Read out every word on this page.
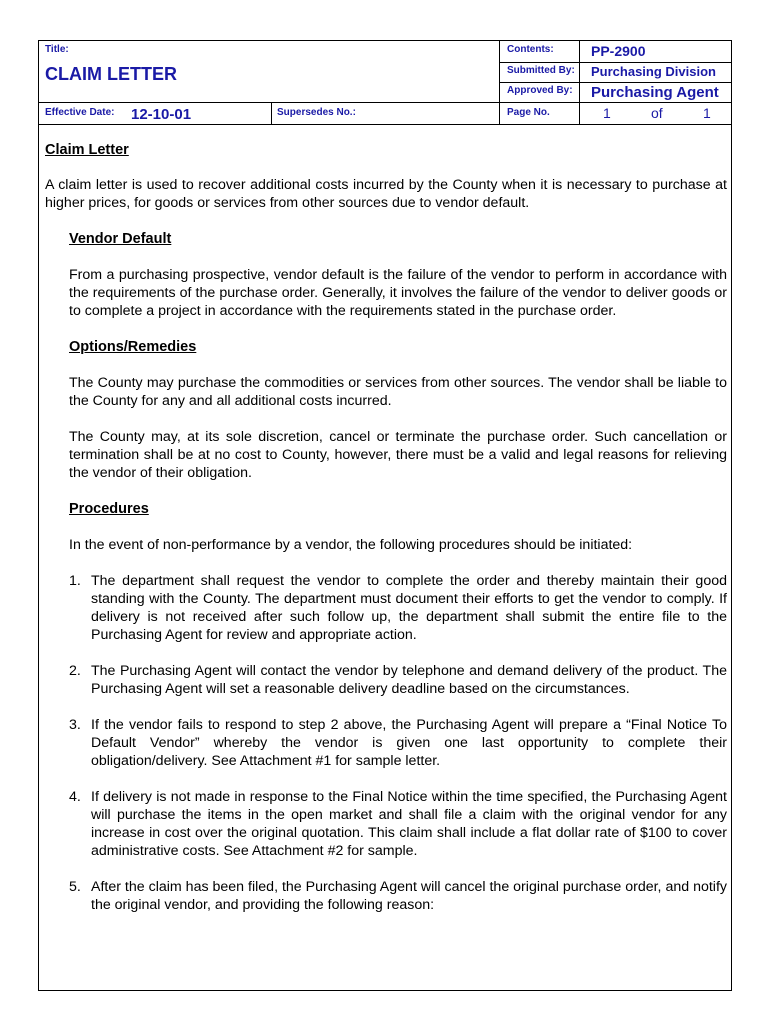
Title:
CLAIM LETTER
Effective Date: 12-10-01	Supersedes No.:
Contents:	PP-2900
Submitted By: Purchasing Division
Approved By: Purchasing Agent
Page No.	1	of	1

Claim Letter

A claim letter is used to recover additional costs incurred by the County when it is necessary to purchase at higher prices, for goods or services from other sources due to vendor default.

Vendor Default

From a purchasing prospective, vendor default is the failure of the vendor to perform in accordance with the requirements of the purchase order. Generally, it involves the failure of the vendor to deliver goods or to complete a project in accordance with the requirements stated in the purchase order.

Options/Remedies

The County may purchase the commodities or services from other sources. The vendor shall be liable to the County for any and all additional costs incurred.

The County may, at its sole discretion, cancel or terminate the purchase order. Such cancellation or termination shall be at no cost to County, however, there must be a valid and legal reasons for relieving the vendor of their obligation.

Procedures

In the event of non-performance by a vendor, the following procedures should be initiated:

1. The department shall request the vendor to complete the order and thereby maintain their good standing with the County. The department must document their efforts to get the vendor to comply. If delivery is not received after such follow up, the department shall submit the entire file to the Purchasing Agent for review and appropriate action.
2. The Purchasing Agent will contact the vendor by telephone and demand delivery of the product. The Purchasing Agent will set a reasonable delivery deadline based on the circumstances.
3. If the vendor fails to respond to step 2 above, the Purchasing Agent will prepare a “Final Notice To Default Vendor” whereby the vendor is given one last opportunity to complete their obligation/delivery. See Attachment #1 for sample letter.
4. If delivery is not made in response to the Final Notice within the time specified, the Purchasing Agent will purchase the items in the open market and shall file a claim with the original vendor for any increase in cost over the original quotation. This claim shall include a flat dollar rate of $100 to cover administrative costs. See Attachment #2 for sample.
5. After the claim has been filed, the Purchasing Agent will cancel the original purchase order, and notify the original vendor, and providing the following reason:
